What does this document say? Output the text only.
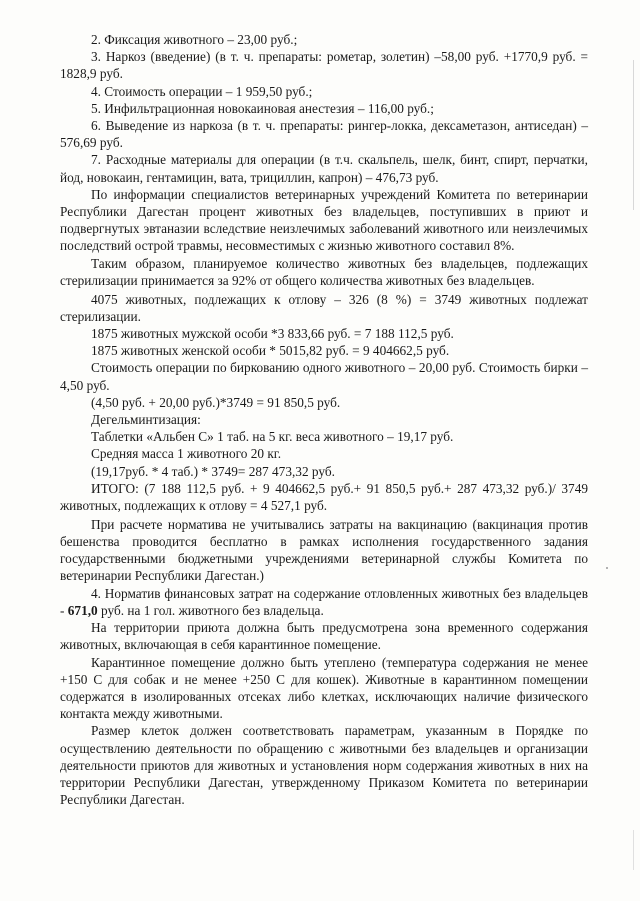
2. Фиксация животного – 23,00 руб.;

3. Наркоз (введение) (в т. ч. препараты: рометар, золетин) –58,00 руб. +1770,9 руб. = 1828,9 руб.

4. Стоимость операции – 1 959,50 руб.;

5. Инфильтрационная новокаиновая анестезия – 116,00 руб.;

6. Выведение из наркоза (в т. ч. препараты: рингер-локка, дексаметазон, антиседан) – 576,69 руб.

7. Расходные материалы для операции (в т.ч. скальпель, шелк, бинт, спирт, перчатки, йод, новокаин, гентамицин, вата, трициллин, капрон) – 476,73 руб.

По информации специалистов ветеринарных учреждений Комитета по ветеринарии Республики Дагестан процент животных без владельцев, поступивших в приют и подвергнутых эвтаназии вследствие неизлечимых заболеваний животного или неизлечимых последствий острой травмы, несовместимых с жизнью животного составил 8%.

Таким образом, планируемое количество животных без владельцев, подлежащих стерилизации принимается за 92% от общего количества животных без владельцев.

4075 животных, подлежащих к отлову – 326 (8 %) = 3749 животных подлежат стерилизации.

1875 животных мужской особи *3 833,66 руб. = 7 188 112,5 руб.

1875 животных женской особи * 5015,82 руб. = 9 404662,5 руб.

Стоимость операции по биркованию одного животного – 20,00 руб. Стоимость бирки – 4,50 руб.

(4,50 руб. + 20,00 руб.)*3749 = 91 850,5 руб.

Дегельминтизация:

Таблетки «Альбен С» 1 таб. на 5 кг. веса животного – 19,17 руб.

Средняя масса 1 животного 20 кг.

(19,17руб. * 4 таб.) * 3749= 287 473,32 руб.

ИТОГО: (7 188 112,5 руб. + 9 404662,5 руб.+ 91 850,5 руб.+ 287 473,32 руб.)/ 3749 животных, подлежащих к отлову = 4 527,1 руб.

При расчете норматива не учитывались затраты на вакцинацию (вакцинация против бешенства проводится бесплатно в рамках исполнения государственного задания государственными бюджетными учреждениями ветеринарной службы Комитета по ветеринарии Республики Дагестан.)

4. Норматив финансовых затрат на содержание отловленных животных без владельцев - 671,0 руб. на 1 гол. животного без владельца.

На территории приюта должна быть предусмотрена зона временного содержания животных, включающая в себя карантинное помещение.

Карантинное помещение должно быть утеплено (температура содержания не менее +150 С для собак и не менее +250 С для кошек). Животные в карантинном помещении содержатся в изолированных отсеках либо клетках, исключающих наличие физического контакта между животными.

Размер клеток должен соответствовать параметрам, указанным в Порядке по осуществлению деятельности по обращению с животными без владельцев и организации деятельности приютов для животных и установления норм содержания животных в них на территории Республики Дагестан, утвержденному Приказом Комитета по ветеринарии Республики Дагестан.
